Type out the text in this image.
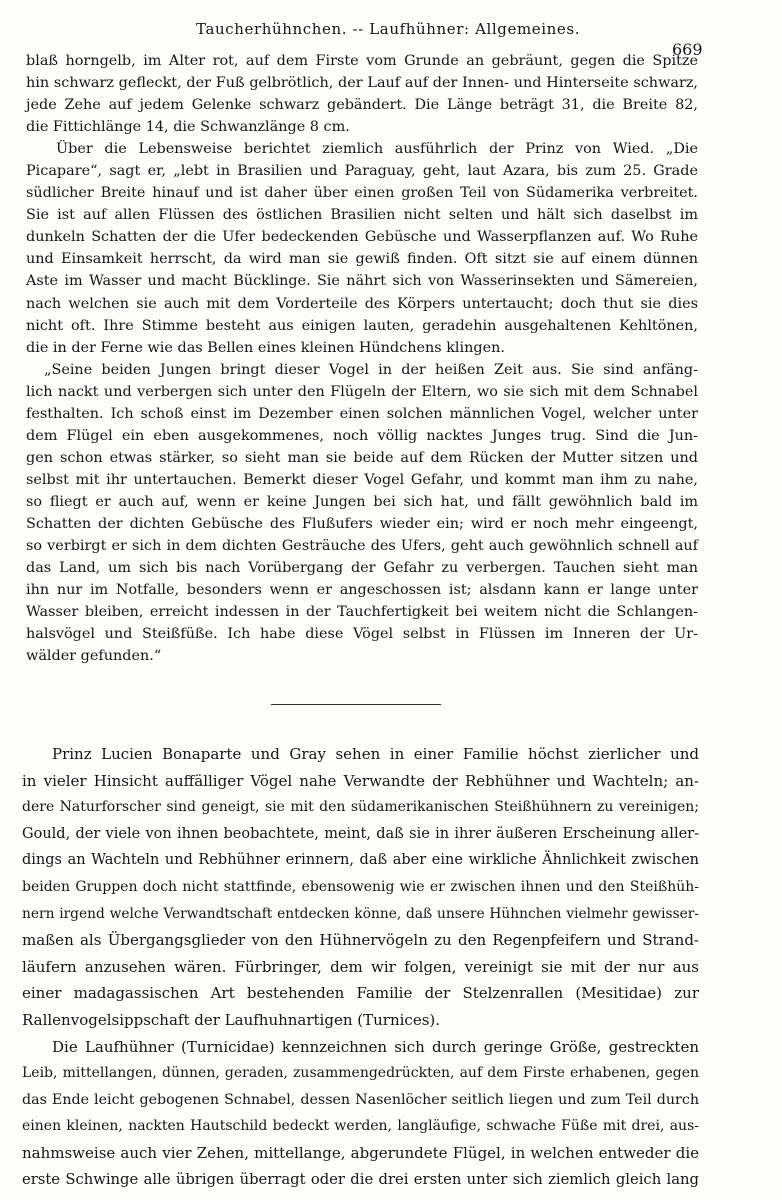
Taucherhühnchen. -- Laufhühner: Allgemeines.
669
blaß horngelb, im Alter rot, auf dem Firste vom Grunde an gebräunt, gegen die Spitze
hin schwarz gefleckt, der Fuß gelbrötlich, der Lauf auf der Innen- und Hinterseite schwarz,
jede Zehe auf jedem Gelenke schwarz gebändert. Die Länge beträgt 31, die Breite 82,
die Fittichlänge 14, die Schwanzlänge 8 cm.
Über die Lebensweise berichtet ziemlich ausführlich der Prinz von Wied. „Die
Picapare“, sagt er, „lebt in Brasilien und Paraguay, geht, laut Azara, bis zum 25. Grade
südlicher Breite hinauf und ist daher über einen großen Teil von Südamerika verbreitet.
Sie ist auf allen Flüssen des östlichen Brasilien nicht selten und hält sich daselbst im
dunkeln Schatten der die Ufer bedeckenden Gebüsche und Wasserpflanzen auf. Wo Ruhe
und Einsamkeit herrscht, da wird man sie gewiß finden. Oft sitzt sie auf einem dünnen
Aste im Wasser und macht Bücklinge. Sie nährt sich von Wasserinsekten und Sämereien,
nach welchen sie auch mit dem Vorderteile des Körpers untertaucht; doch thut sie dies
nicht oft. Ihre Stimme besteht aus einigen lauten, geradehin ausgehaltenen Kehltönen,
die in der Ferne wie das Bellen eines kleinen Hündchens klingen.
„Seine beiden Jungen bringt dieser Vogel in der heißen Zeit aus. Sie sind anfäng-
lich nackt und verbergen sich unter den Flügeln der Eltern, wo sie sich mit dem Schnabel
festhalten. Ich schoß einst im Dezember einen solchen männlichen Vogel, welcher unter
dem Flügel ein eben ausgekommenes, noch völlig nacktes Junges trug. Sind die Jun-
gen schon etwas stärker, so sieht man sie beide auf dem Rücken der Mutter sitzen und
selbst mit ihr untertauchen. Bemerkt dieser Vogel Gefahr, und kommt man ihm zu nahe,
so fliegt er auch auf, wenn er keine Jungen bei sich hat, und fällt gewöhnlich bald im
Schatten der dichten Gebüsche des Flußufers wieder ein; wird er noch mehr eingeengt,
so verbirgt er sich in dem dichten Gesträuche des Ufers, geht auch gewöhnlich schnell auf
das Land, um sich bis nach Vorübergang der Gefahr zu verbergen. Tauchen sieht man
ihn nur im Notfalle, besonders wenn er angeschossen ist; alsdann kann er lange unter
Wasser bleiben, erreicht indessen in der Tauchfertigkeit bei weitem nicht die Schlangen-
halsvögel und Steißfüße. Ich habe diese Vögel selbst in Flüssen im Inneren der Ur-
wälder gefunden.“
Prinz Lucien Bonaparte und Gray sehen in einer Familie höchst zierlicher und
in vieler Hinsicht auffälliger Vögel nahe Verwandte der Rebhühner und Wachteln; an-
dere Naturforscher sind geneigt, sie mit den südamerikanischen Steißhühnern zu vereinigen;
Gould, der viele von ihnen beobachtete, meint, daß sie in ihrer äußeren Erscheinung aller-
dings an Wachteln und Rebhühner erinnern, daß aber eine wirkliche Ähnlichkeit zwischen
beiden Gruppen doch nicht stattfinde, ebensowenig wie er zwischen ihnen und den Steißhüh-
nern irgend welche Verwandtschaft entdecken könne, daß unsere Hühnchen vielmehr gewisser-
maßen als Übergangsglieder von den Hühnervögeln zu den Regenpfeifern und Strand-
läufern anzusehen wären. Fürbringer, dem wir folgen, vereinigt sie mit der nur aus
einer madagassischen Art bestehenden Familie der Stelzenrallen (Mesitidae) zur
Rallenvogelsippschaft der Laufhuhnartigen (Turnices).
Die Laufhühner (Turnicidae) kennzeichnen sich durch geringe Größe, gestreckten
Leib, mittellangen, dünnen, geraden, zusammengedrückten, auf dem Firste erhabenen, gegen
das Ende leicht gebogenen Schnabel, dessen Nasenlöcher seitlich liegen und zum Teil durch
einen kleinen, nackten Hautschild bedeckt werden, langläufige, schwache Füße mit drei, aus-
nahmsweise auch vier Zehen, mittellange, abgerundete Flügel, in welchen entweder die
erste Schwinge alle übrigen überragt oder die drei ersten unter sich ziemlich gleich lang
